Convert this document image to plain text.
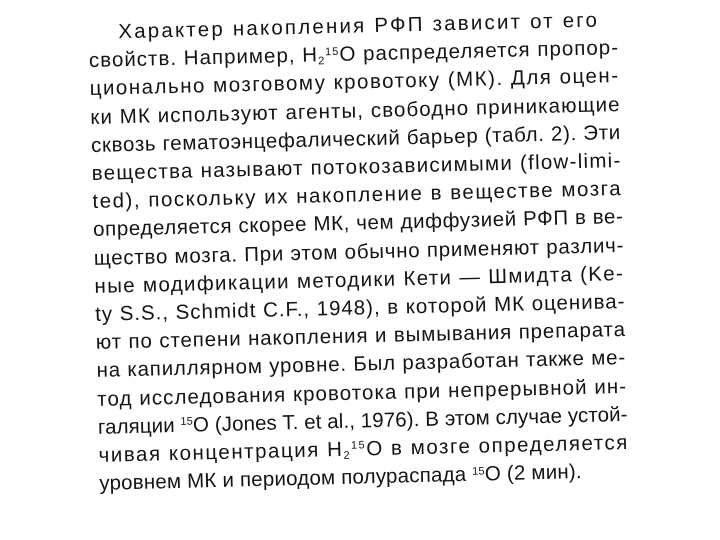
Характер накопления РФП зависит от его
свойств. Например, $Н_2^{15}О$ распределяется пропор-
ционально мозговому кровотоку (МК). Для оцен-
ки МК используют агенты, свободно приникающие
сквозь гематоэнцефалический барьер (табл. 2). Эти
вещества называют потокозависимыми (flow-limi-
ted), поскольку их накопление в веществе мозга
определяется скорее МК, чем диффузией РФП в ве-
щество мозга. При этом обычно применяют различ-
ные модификации методики Кети — Шмидта (Ke-
ty S.S., Schmidt C.F., 1948), в которой МК оценива-
ют по степени накопления и вымывания препарата
на капиллярном уровне. Был разработан также ме-
тод исследования кровотока при непрерывной ин-
галяции $^{15}$О (Jones T. et al., 1976). В этом случае устой-
чивая концентрация $Н_2^{15}О$ в мозге определяется
уровнем МК и периодом полураспада $^{15}$О (2 мин).
